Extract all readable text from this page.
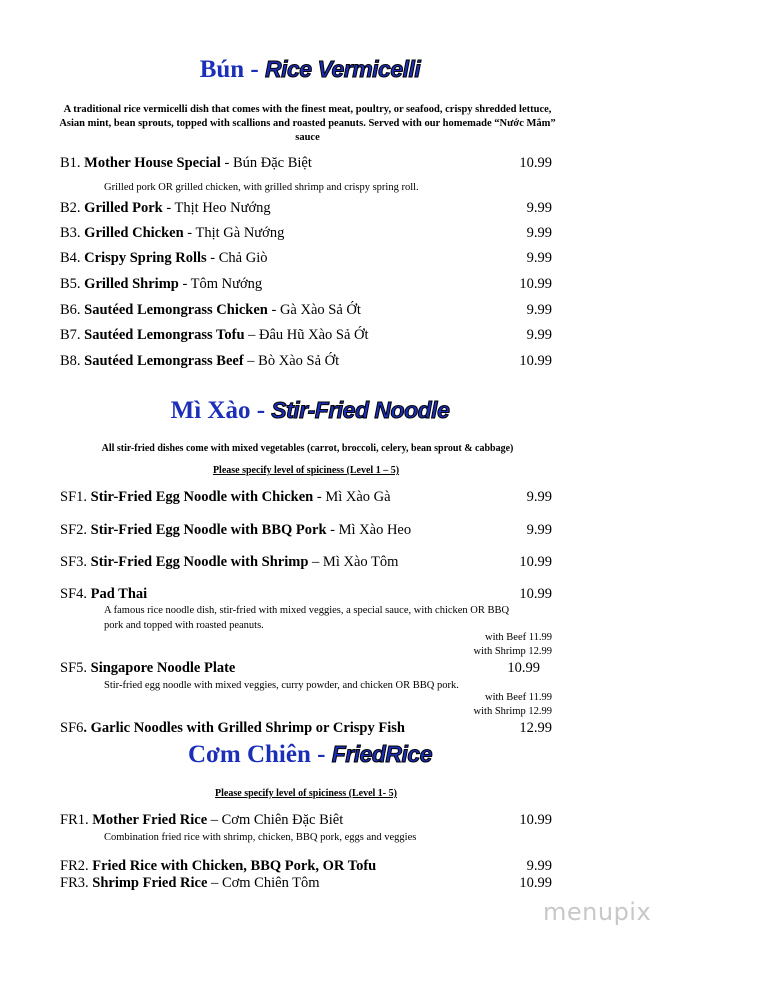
Bún - Rice Vermicelli
A traditional rice vermicelli dish that comes with the finest meat, poultry, or seafood, crispy shredded lettuce, Asian mint, bean sprouts, topped with scallions and roasted peanuts. Served with our homemade “Nước Mắm” sauce
B1. Mother House Special - Bún Đặc Biệt	10.99
Grilled pork OR grilled chicken, with grilled shrimp and crispy spring roll.
B2. Grilled Pork - Thịt Heo Nướng	9.99
B3. Grilled Chicken - Thịt Gà Nướng	9.99
B4. Crispy Spring Rolls - Chả Giò	9.99
B5. Grilled Shrimp - Tôm Nướng	10.99
B6. Sautéed Lemongrass Chicken - Gà Xào Sả Ớt	9.99
B7. Sautéed Lemongrass Tofu – Đâu Hũ Xào Sả Ớt	9.99
B8. Sautéed Lemongrass Beef – Bò Xào Sả Ớt	10.99
Mì Xào - Stir-Fried Noodle
All stir-fried dishes come with mixed vegetables (carrot, broccoli, celery, bean sprout & cabbage)
Please specify level of spiciness (Level 1 – 5)
SF1. Stir-Fried Egg Noodle with Chicken - Mì Xào Gà	9.99
SF2. Stir-Fried Egg Noodle with BBQ Pork - Mì Xào Heo	9.99
SF3. Stir-Fried Egg Noodle with Shrimp – Mì Xào Tôm	10.99
SF4. Pad Thai	10.99
A famous rice noodle dish, stir-fried with mixed veggies, a special sauce, with chicken OR BBQ
pork and topped with roasted peanuts.
with Beef 11.99
with Shrimp 12.99
SF5. Singapore Noodle Plate	10.99
Stir-fried egg noodle with mixed veggies, curry powder, and chicken OR BBQ pork.
with Beef 11.99
with Shrimp 12.99
SF6. Garlic Noodles with Grilled Shrimp or Crispy Fish	12.99
Cơm Chiên - FriedRice
Please specify level of spiciness (Level 1- 5)
FR1. Mother Fried Rice – Cơm Chiên Đặc Biêt	10.99
Combination fried rice with shrimp, chicken, BBQ pork, eggs and veggies
FR2. Fried Rice with Chicken, BBQ Pork, OR Tofu	9.99
FR3. Shrimp Fried Rice – Cơm Chiên Tôm	10.99
menupix
